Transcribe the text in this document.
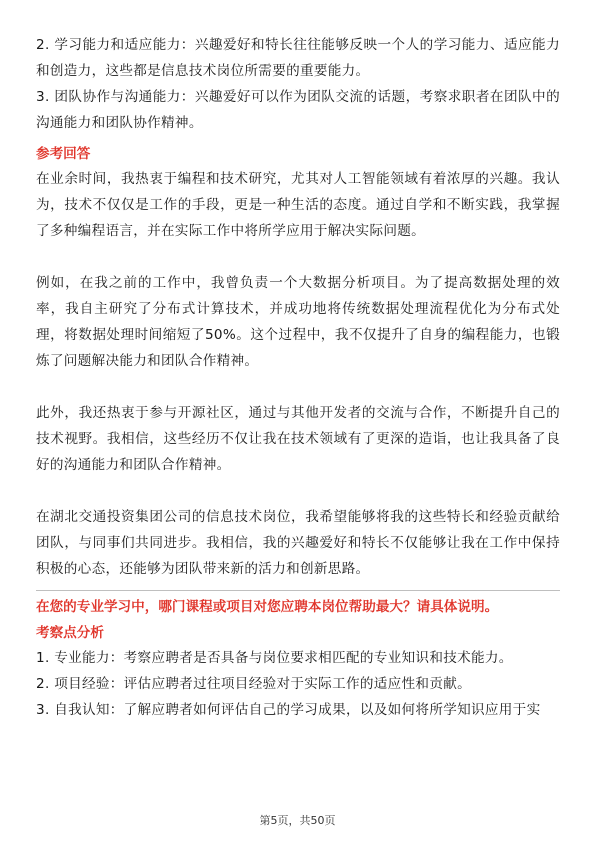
2. 学习能力和适应能力：兴趣爱好和特长往往能够反映一个人的学习能力、适应能力和创造力，这些都是信息技术岗位所需要的重要能力。

3. 团队协作与沟通能力：兴趣爱好可以作为团队交流的话题，考察求职者在团队中的沟通能力和团队协作精神。

参考回答

在业余时间，我热衷于编程和技术研究，尤其对人工智能领域有着浓厚的兴趣。我认为，技术不仅仅是工作的手段，更是一种生活的态度。通过自学和不断实践，我掌握了多种编程语言，并在实际工作中将所学应用于解决实际问题。

例如，在我之前的工作中，我曾负责一个大数据分析项目。为了提高数据处理的效率，我自主研究了分布式计算技术，并成功地将传统数据处理流程优化为分布式处理，将数据处理时间缩短了50%。这个过程中，我不仅提升了自身的编程能力，也锻炼了问题解决能力和团队合作精神。

此外，我还热衷于参与开源社区，通过与其他开发者的交流与合作，不断提升自己的技术视野。我相信，这些经历不仅让我在技术领域有了更深的造诣，也让我具备了良好的沟通能力和团队合作精神。

在湖北交通投资集团公司的信息技术岗位，我希望能够将我的这些特长和经验贡献给团队，与同事们共同进步。我相信，我的兴趣爱好和特长不仅能够让我在工作中保持积极的心态，还能够为团队带来新的活力和创新思路。

在您的专业学习中，哪门课程或项目对您应聘本岗位帮助最大？请具体说明。

考察点分析

1. 专业能力：考察应聘者是否具备与岗位要求相匹配的专业知识和技术能力。

2. 项目经验：评估应聘者过往项目经验对于实际工作的适应性和贡献。

3. 自我认知：了解应聘者如何评估自己的学习成果，以及如何将所学知识应用于实

第5页，共50页
